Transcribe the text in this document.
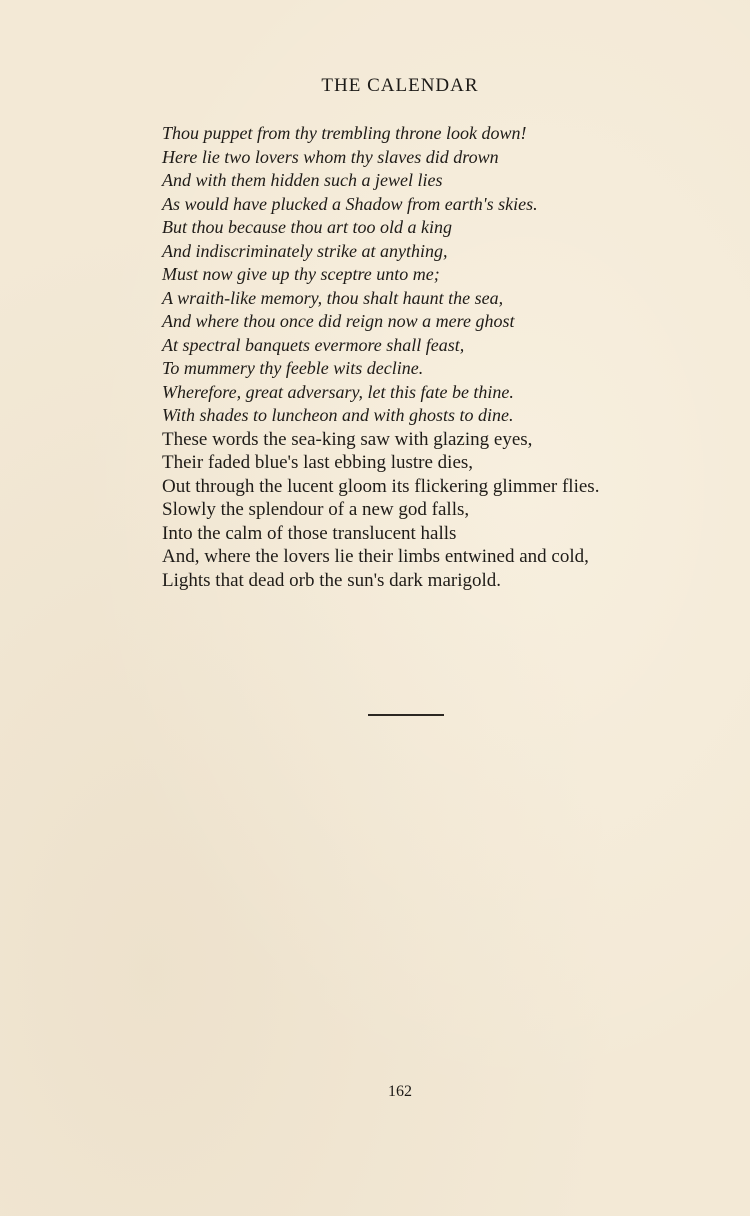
THE CALENDAR
Thou puppet from thy trembling throne look down!
Here lie two lovers whom thy slaves did drown
And with them hidden such a jewel lies
As would have plucked a Shadow from earth's skies.
But thou because thou art too old a king
And indiscriminately strike at anything,
Must now give up thy sceptre unto me;
A wraith-like memory, thou shalt haunt the sea,
And where thou once did reign now a mere ghost
At spectral banquets evermore shall feast,
To mummery thy feeble wits decline.
Wherefore, great adversary, let this fate be thine.
With shades to luncheon and with ghosts to dine.
These words the sea-king saw with glazing eyes,
Their faded blue's last ebbing lustre dies,
Out through the lucent gloom its flickering glimmer flies.
Slowly the splendour of a new god falls,
Into the calm of those translucent halls
And, where the lovers lie their limbs entwined and cold,
Lights that dead orb the sun's dark marigold.
162
